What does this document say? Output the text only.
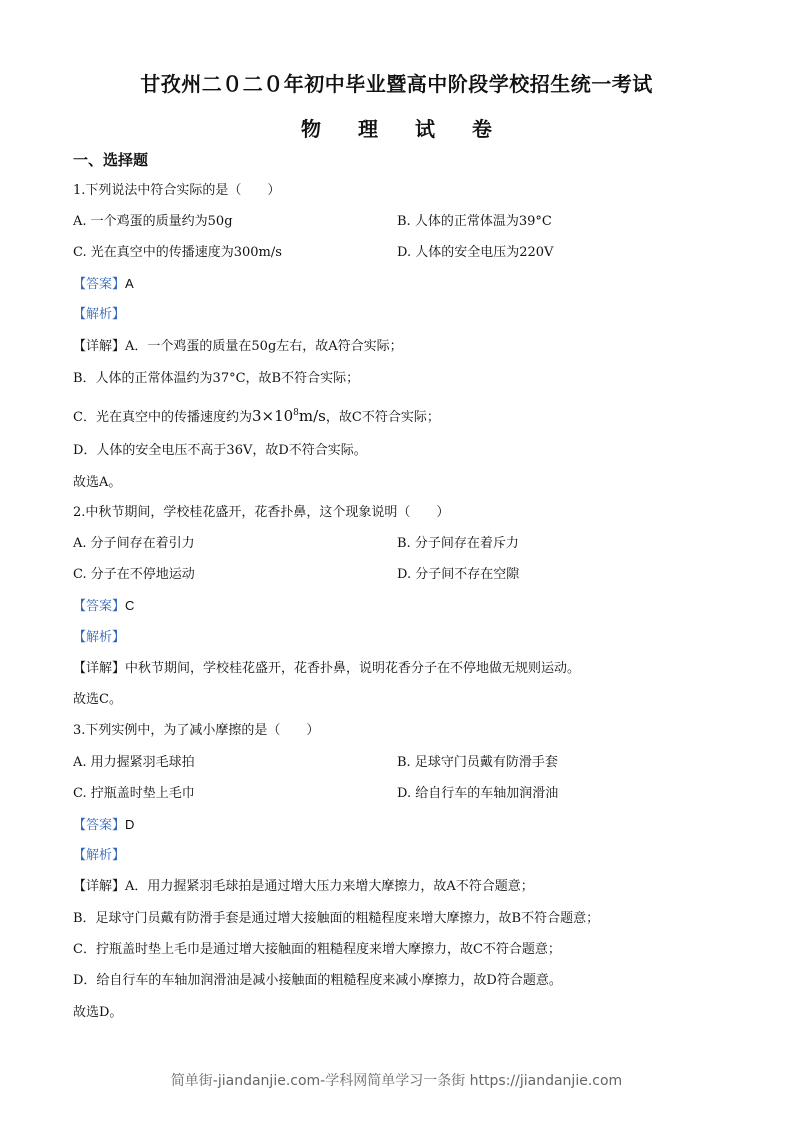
甘孜州二０二０年初中毕业暨高中阶段学校招生统一考试
物 理 试 卷
一、选择题
1.下列说法中符合实际的是（　　）
A. 一个鸡蛋的质量约为50g	B. 人体的正常体温为39°C
C. 光在真空中的传播速度为300m/s	D. 人体的安全电压为220V
【答案】A
【解析】
【详解】A．一个鸡蛋的质量在50g左右，故A符合实际；
B．人体的正常体温约为37°C，故B不符合实际；
C．光在真空中的传播速度约为$3\times 10^8m/s$，故C不符合实际；
D．人体的安全电压不高于36V，故D不符合实际。
故选A。
2.中秋节期间，学校桂花盛开，花香扑鼻，这个现象说明（　　）
A. 分子间存在着引力	B. 分子间存在着斥力
C. 分子在不停地运动	D. 分子间不存在空隙
【答案】C
【解析】
【详解】中秋节期间，学校桂花盛开，花香扑鼻，说明花香分子在不停地做无规则运动。
故选C。
3.下列实例中，为了减小摩擦的是（　　）
A. 用力握紧羽毛球拍	B. 足球守门员戴有防滑手套
C. 拧瓶盖时垫上毛巾	D. 给自行车的车轴加润滑油
【答案】D
【解析】
【详解】A．用力握紧羽毛球拍是通过增大压力来增大摩擦力，故A不符合题意；
B．足球守门员戴有防滑手套是通过增大接触面的粗糙程度来增大摩擦力，故B不符合题意；
C．拧瓶盖时垫上毛巾是通过增大接触面的粗糙程度来增大摩擦力，故C不符合题意；
D．给自行车的车轴加润滑油是减小接触面的粗糙程度来减小摩擦力，故D符合题意。
故选D。
简单街-jiandanjie.com-学科网简单学习一条街 https://jiandanjie.com
